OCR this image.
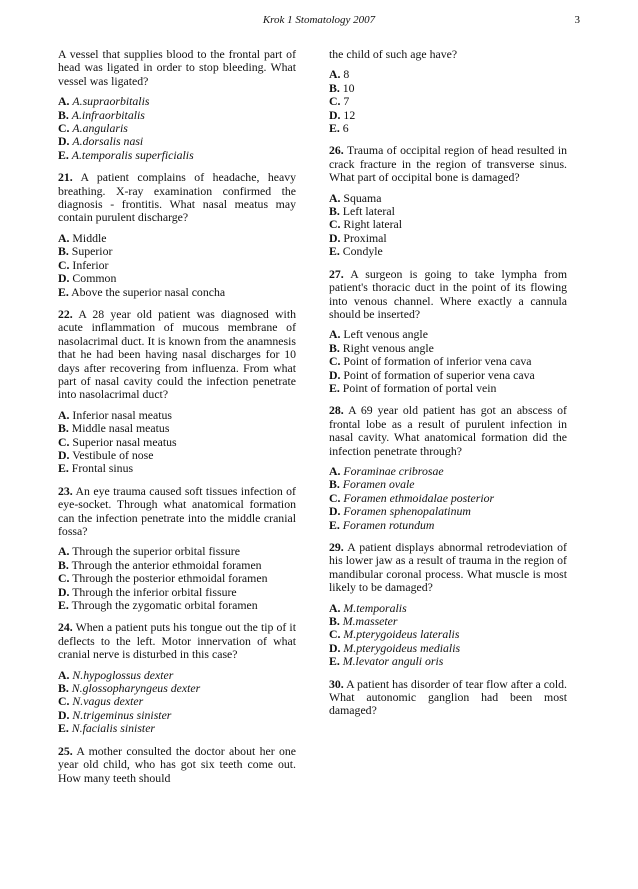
Krok 1 Stomatology 2007	3
A vessel that supplies blood to the frontal part of head was ligated in order to stop bleeding. What vessel was ligated?
A. A.supraorbitalis
B. A.infraorbitalis
C. A.angularis
D. A.dorsalis nasi
E. A.temporalis superficialis
21. A patient complains of headache, heavy breathing. X-ray examination confirmed the diagnosis - frontitis. What nasal meatus may contain purulent discharge?
A. Middle
B. Superior
C. Inferior
D. Common
E. Above the superior nasal concha
22. A 28 year old patient was diagnosed with acute inflammation of mucous membrane of nasolacrimal duct. It is known from the anamnesis that he had been having nasal discharges for 10 days after recovering from influenza. From what part of nasal cavity could the infection penetrate into nasolacrimal duct?
A. Inferior nasal meatus
B. Middle nasal meatus
C. Superior nasal meatus
D. Vestibule of nose
E. Frontal sinus
23. An eye trauma caused soft tissues infection of eye-socket. Through what anatomical formation can the infection penetrate into the middle cranial fossa?
A. Through the superior orbital fissure
B. Through the anterior ethmoidal foramen
C. Through the posterior ethmoidal foramen
D. Through the inferior orbital fissure
E. Through the zygomatic orbital foramen
24. When a patient puts his tongue out the tip of it deflects to the left. Motor innervation of what cranial nerve is disturbed in this case?
A. N.hypoglossus dexter
B. N.glossopharyngeus dexter
C. N.vagus dexter
D. N.trigeminus sinister
E. N.facialis sinister
25. A mother consulted the doctor about her one year old child, who has got six teeth come out. How many teeth should
the child of such age have?
A. 8
B. 10
C. 7
D. 12
E. 6
26. Trauma of occipital region of head resulted in crack fracture in the region of transverse sinus. What part of occipital bone is damaged?
A. Squama
B. Left lateral
C. Right lateral
D. Proximal
E. Condyle
27. A surgeon is going to take lympha from patient's thoracic duct in the point of its flowing into venous channel. Where exactly a cannula should be inserted?
A. Left venous angle
B. Right venous angle
C. Point of formation of inferior vena cava
D. Point of formation of superior vena cava
E. Point of formation of portal vein
28. A 69 year old patient has got an abscess of frontal lobe as a result of purulent infection in nasal cavity. What anatomical formation did the infection penetrate through?
A. Foraminae cribrosae
B. Foramen ovale
C. Foramen ethmoidalae posterior
D. Foramen sphenopalatinum
E. Foramen rotundum
29. A patient displays abnormal retrodeviation of his lower jaw as a result of trauma in the region of mandibular coronal process. What muscle is most likely to be damaged?
A. M.temporalis
B. M.masseter
C. M.pterygoideus lateralis
D. M.pterygoideus medialis
E. M.levator anguli oris
30. A patient has disorder of tear flow after a cold. What autonomic ganglion had been most damaged?
